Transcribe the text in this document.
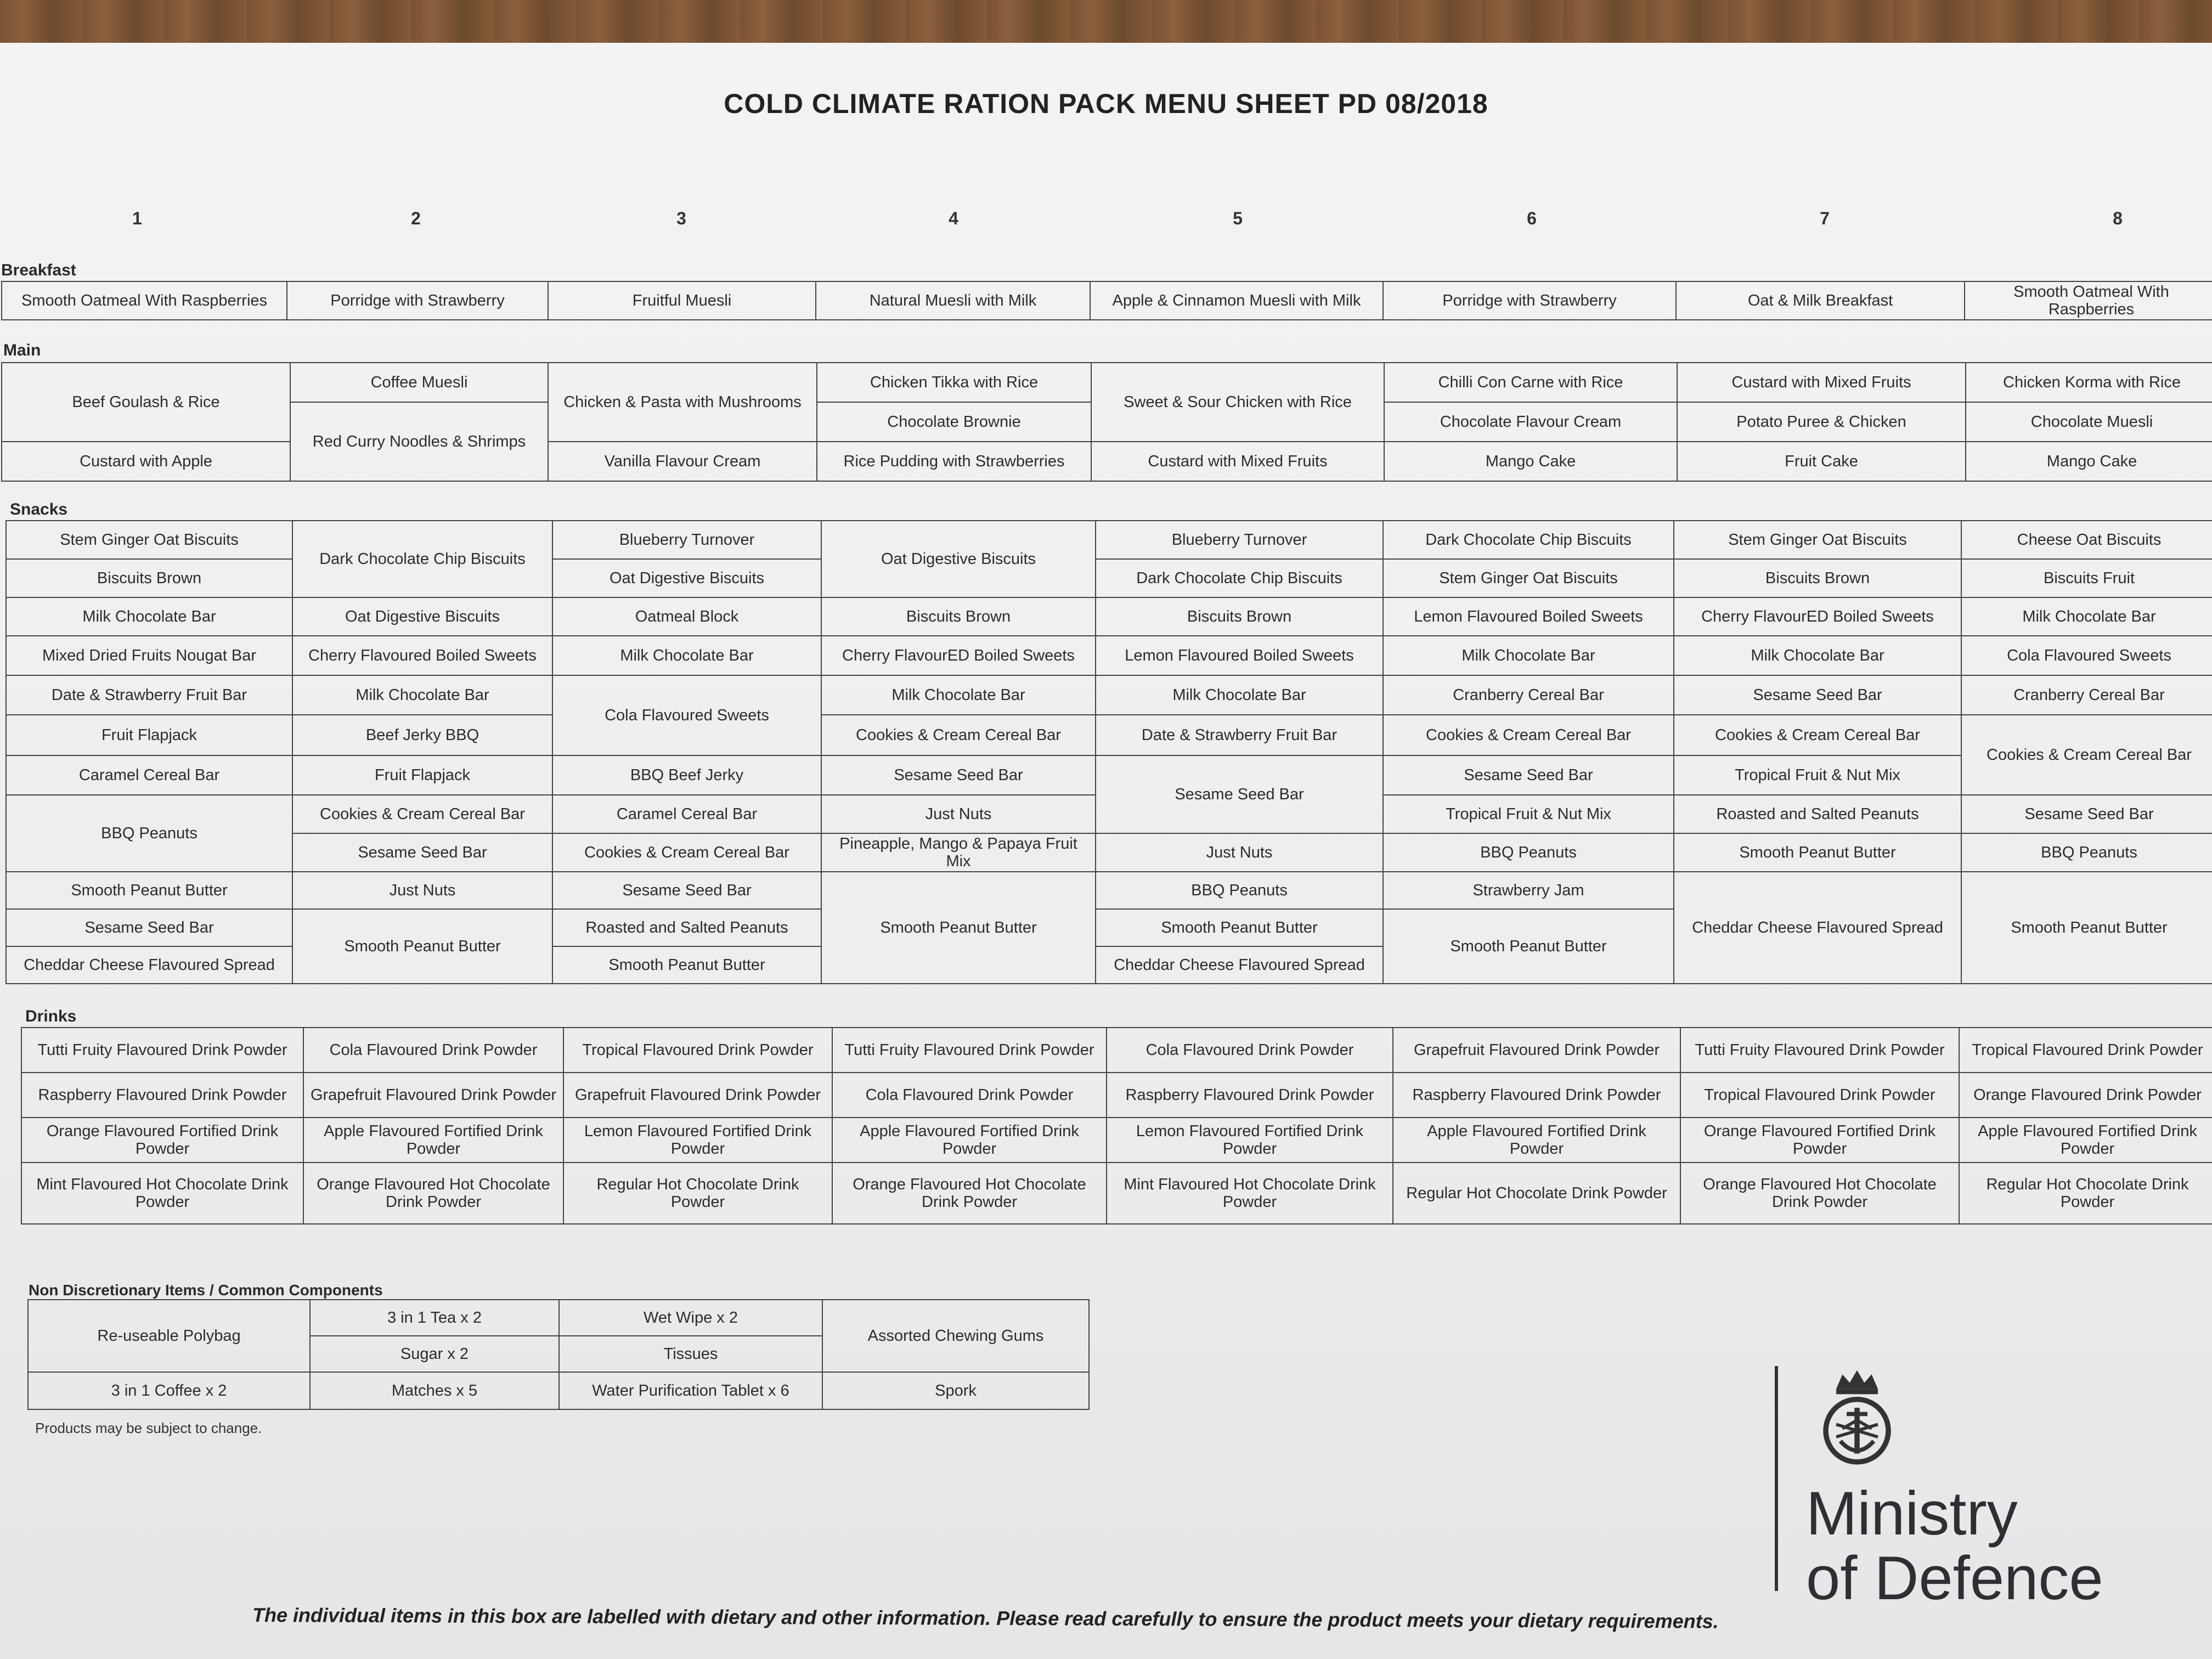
COLD CLIMATE RATION PACK MENU SHEET PD 08/2018
1	2	3	4	5	6	7	8
Breakfast
Smooth Oatmeal With Raspberries	Porridge with Strawberry	Fruitful Muesli	Natural Muesli with Milk	Apple & Cinnamon Muesli with Milk	Porridge with Strawberry	Oat & Milk Breakfast	Smooth Oatmeal With Raspberries
Main
Beef Goulash & Rice	Coffee Muesli	Chicken & Pasta with Mushrooms	Chicken Tikka with Rice	Sweet & Sour Chicken with Rice	Chilli Con Carne with Rice	Custard with Mixed Fruits	Chicken Korma with Rice
	Red Curry Noodles & Shrimps		Chocolate Brownie		Chocolate Flavour Cream	Potato Puree & Chicken	Chocolate Muesli
Custard with Apple		Vanilla Flavour Cream	Rice Pudding with Strawberries	Custard with Mixed Fruits	Mango Cake	Fruit Cake	Mango Cake
Snacks
Stem Ginger Oat Biscuits	Dark Chocolate Chip Biscuits	Blueberry Turnover	Oat Digestive Biscuits	Blueberry Turnover	Dark Chocolate Chip Biscuits	Stem Ginger Oat Biscuits	Cheese Oat Biscuits
Biscuits Brown		Oat Digestive Biscuits		Dark Chocolate Chip Biscuits	Stem Ginger Oat Biscuits	Biscuits Brown	Biscuits Fruit
Milk Chocolate Bar	Oat Digestive Biscuits	Oatmeal Block	Biscuits Brown	Biscuits Brown	Lemon Flavoured Boiled Sweets	Cherry FlavourED Boiled Sweets	Milk Chocolate Bar
Mixed Dried Fruits Nougat Bar	Cherry Flavoured Boiled Sweets	Milk Chocolate Bar	Cherry FlavourED Boiled Sweets	Lemon Flavoured Boiled Sweets	Milk Chocolate Bar	Milk Chocolate Bar	Cola Flavoured Sweets
Date & Strawberry Fruit Bar	Milk Chocolate Bar	Cola Flavoured Sweets	Milk Chocolate Bar	Milk Chocolate Bar	Cranberry Cereal Bar	Sesame Seed Bar	Cranberry Cereal Bar
Fruit Flapjack	Beef Jerky BBQ		Cookies & Cream Cereal Bar	Date & Strawberry Fruit Bar	Cookies & Cream Cereal Bar	Cookies & Cream Cereal Bar	Cookies & Cream Cereal Bar
Caramel Cereal Bar	Fruit Flapjack	BBQ Beef Jerky	Sesame Seed Bar	Sesame Seed Bar	Sesame Seed Bar	Tropical Fruit & Nut Mix	
BBQ Peanuts	Cookies & Cream Cereal Bar	Caramel Cereal Bar	Just Nuts		Tropical Fruit & Nut Mix	Roasted and Salted Peanuts	Sesame Seed Bar
	Sesame Seed Bar	Cookies & Cream Cereal Bar	Pineapple, Mango & Papaya Fruit Mix	Just Nuts	BBQ Peanuts	Smooth Peanut Butter	BBQ Peanuts
Smooth Peanut Butter	Just Nuts	Sesame Seed Bar	Smooth Peanut Butter	BBQ Peanuts	Strawberry Jam	Cheddar Cheese Flavoured Spread	Smooth Peanut Butter
Sesame Seed Bar	Smooth Peanut Butter	Roasted and Salted Peanuts		Smooth Peanut Butter	Smooth Peanut Butter		
Cheddar Cheese Flavoured Spread		Smooth Peanut Butter		Cheddar Cheese Flavoured Spread			
Drinks
Tutti Fruity Flavoured Drink Powder	Cola Flavoured Drink Powder	Tropical Flavoured Drink Powder	Tutti Fruity Flavoured Drink Powder	Cola Flavoured Drink Powder	Grapefruit Flavoured Drink Powder	Tutti Fruity Flavoured Drink Powder	Tropical Flavoured Drink Powder
Raspberry Flavoured Drink Powder	Grapefruit Flavoured Drink Powder	Grapefruit Flavoured Drink Powder	Cola Flavoured Drink Powder	Raspberry Flavoured Drink Powder	Raspberry Flavoured Drink Powder	Tropical Flavoured Drink Powder	Orange Flavoured Drink Powder
Orange Flavoured Fortified Drink Powder	Apple Flavoured Fortified Drink Powder	Lemon Flavoured Fortified Drink Powder	Apple Flavoured Fortified Drink Powder	Lemon Flavoured Fortified Drink Powder	Apple Flavoured Fortified Drink Powder	Orange Flavoured Fortified Drink Powder	Apple Flavoured Fortified Drink Powder
Mint Flavoured Hot Chocolate Drink Powder	Orange Flavoured Hot Chocolate Drink Powder	Regular Hot Chocolate Drink Powder	Orange Flavoured Hot Chocolate Drink Powder	Mint Flavoured Hot Chocolate Drink Powder	Regular Hot Chocolate Drink Powder	Orange Flavoured Hot Chocolate Drink Powder	Regular Hot Chocolate Drink Powder
Non Discretionary Items / Common Components
Re-useable Polybag	3 in 1 Tea x 2	Wet Wipe x 2	Assorted Chewing Gums
	Sugar x 2	Tissues	
3 in 1 Coffee x 2	Matches x 5	Water Purification Tablet x 6	Spork
Products may be subject to change.
Ministry
of Defence
The individual items in this box are labelled with dietary and other information. Please read carefully to ensure the product meets your dietary requirements.
